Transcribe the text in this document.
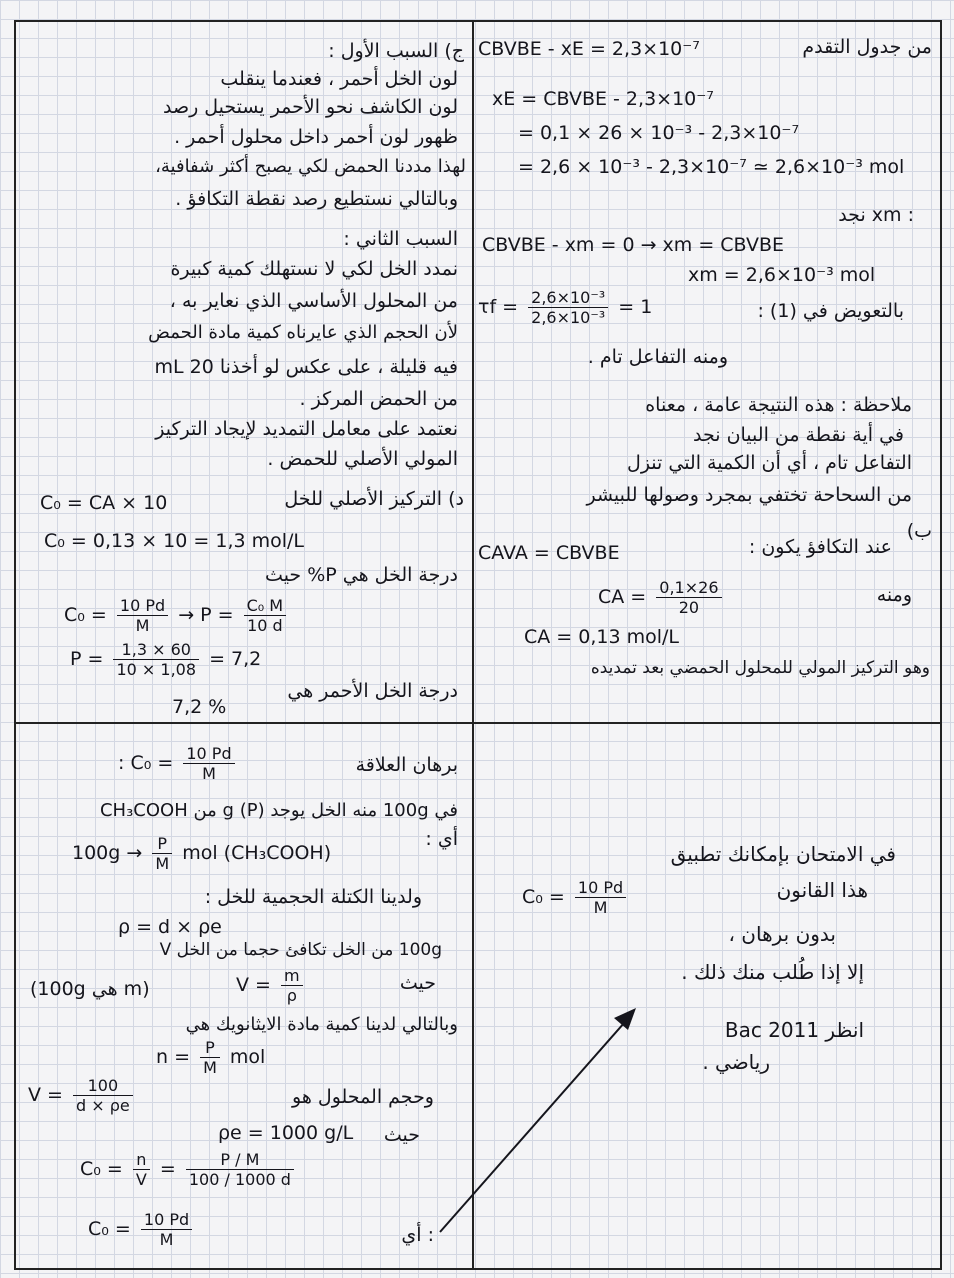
CBVBE - xE = 2,3×10⁻⁷	من جدول التقدم
xE = CBVBE - 2,3×10⁻⁷
= 0,1 × 26 × 10⁻³ - 2,3×10⁻⁷
= 2,6 × 10⁻³ - 2,3×10⁻⁷ ≃ 2,6×10⁻³ mol
: xm نجد
CBVBE - xm = 0 → xm = CBVBE
xm = 2,6×10⁻³ mol
$\tau f = \frac{\text{2,6×10⁻³}}{\text{2,6×10⁻³}} = 1$	بالتعويض في (1) :
ومنه التفاعل تام .
ملاحظة : هذه النتيجة عامة ، معناه
في أية نقطة من البيان نجد
التفاعل تام ، أي أن الكمية التي تنزل
من السحاحة تختفي بمجرد وصولها للبيشر
ب)
CAVA = CBVBE	عند التكافؤ يكون :
CA = $\frac{0,1\times 26}{20}$	ومنه
CA = 0,13 mol/L
وهو التركيز المولي للمحلول الحمضي بعد تمديده
ج) السبب الأول :
لون الخل أحمر ، فعندما ينقلب
لون الكاشف نحو الأحمر يستحيل رصد
ظهور لون أحمر داخل محلول أحمر .
لهذا مددنا الحمض لكي يصبح أكثر شفافية،
وبالتالي نستطيع رصد نقطة التكافؤ .
السبب الثاني :
نمدد الخل لكي لا نستهلك كمية كبيرة
من المحلول الأساسي الذي نعاير به ،
لأن الحجم الذي عايرناه كمية مادة الحمض
فيه قليلة ، على عكس لو أخذنا 20 mL
من الحمض المركز .
نعتمد على معامل التمديد لإيجاد التركيز
المولي الأصلي للحمض .
د) التركيز الأصلي للخل
C₀ = CA × 10
C₀ = 0,13 × 10 = 1,3 mol/L
درجة الخل هي P% حيث
$C_0 = \frac{10 Pd}{M} \to P = \frac{\text{C₀ M}}{10 d}$
$P = \frac{1,3 \times 60}{10 \times 1,08} = 7,2$
درجة الخل الأحمر هي
7,2 %
برهان العلاقة
: $C_0 = \frac{10 Pd}{M}$
في 100g منه الخل يوجد (P) g من CH₃COOH
أي :
$100g \to \frac{P}{M}$ mol (CH₃COOH)
ولدينا الكتلة الحجمية للخل :
ρ = d × ρe
100g من الخل تكافئ حجما من الخل V
حيث
(100g هي m)	$V = \frac{m}{\rho}$
وبالتالي لدينا كمية مادة الايثانويك هي
$n = \frac{P}{M}$ mol
$V = \frac{100}{d \times \rho e}$	وحجم المحلول هو
حيث
ρe = 1000 g/L
$C_0 = \frac{n}{V} = \frac{P / M}{100 / 1000 d}$
$C_0 = \frac{10 Pd}{M}$	: أي
في الامتحان بإمكانك تطبيق
هذا القانون
$C_0 = \frac{10 Pd}{M}$
بدون برهان ،
إلا إذا طُلب منك ذلك .
انظر Bac 2011
رياضي .
